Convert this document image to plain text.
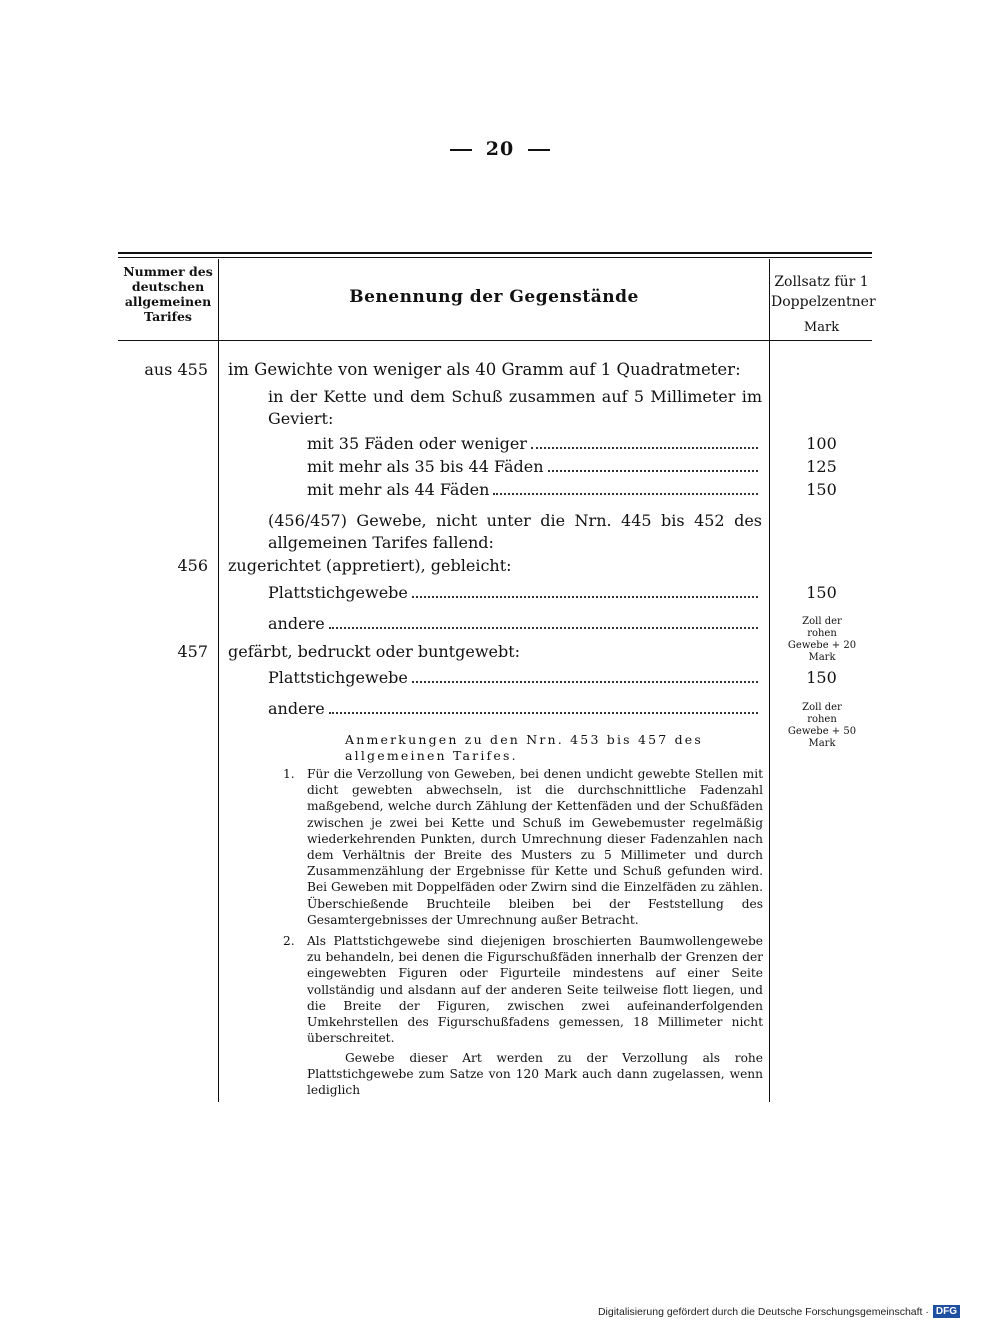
20
Nummer des deutschen allgemeinen Tarifes
Benennung der Gegenstände
Zollsatz für 1 Doppelzentner
Mark
aus 455 im Gewichte von weniger als 40 Gramm auf 1 Quadratmeter:
in der Kette und dem Schuß zusammen auf 5 Millimeter im Geviert:
mit 35 Fäden oder weniger	100
mit mehr als 35 bis 44 Fäden	125
mit mehr als 44 Fäden	150
(456/457) Gewebe, nicht unter die Nrn. 445 bis 452 des allgemeinen Tarifes fallend:
456 zugerichtet (appretiert), gebleicht:
Plattstichgewebe	150
andere	Zoll der rohen Gewebe + 20 Mark
457 gefärbt, bedruckt oder buntgewebt:
Plattstichgewebe	150
andere	Zoll der rohen Gewebe + 50 Mark
Anmerkungen zu den Nrn. 453 bis 457 des allgemeinen Tarifes.
1.	Für die Verzollung von Geweben, bei denen undicht gewebte Stellen mit dicht gewebten abwechseln, ist die durchschnittliche Fadenzahl maßgebend, welche durch Zählung der Kettenfäden und der Schußfäden zwischen je zwei bei Kette und Schuß im Gewebemuster regelmäßig wiederkehrenden Punkten, durch Umrechnung dieser Fadenzahlen nach dem Verhältnis der Breite des Musters zu 5 Millimeter und durch Zusammenzählung der Ergebnisse für Kette und Schuß gefunden wird. Bei Geweben mit Doppelfäden oder Zwirn sind die Einzelfäden zu zählen. Überschießende Bruchteile bleiben bei der Feststellung des Gesamtergebnisses der Umrechnung außer Betracht.
2.	Als Plattstichgewebe sind diejenigen broschierten Baumwollengewebe zu behandeln, bei denen die Figurschußfäden innerhalb der Grenzen der eingewebten Figuren oder Figurteile mindestens auf einer Seite vollständig und alsdann auf der anderen Seite teilweise flott liegen, und die Breite der Figuren, zwischen zwei aufeinanderfolgenden Umkehrstellen des Figurschußfadens gemessen, 18 Millimeter nicht überschreitet.
Gewebe dieser Art werden zu der Verzollung als rohe Plattstichgewebe zum Satze von 120 Mark auch dann zugelassen, wenn lediglich
Digitalisierung gefördert durch die Deutsche Forschungsgemeinschaft · DFG
